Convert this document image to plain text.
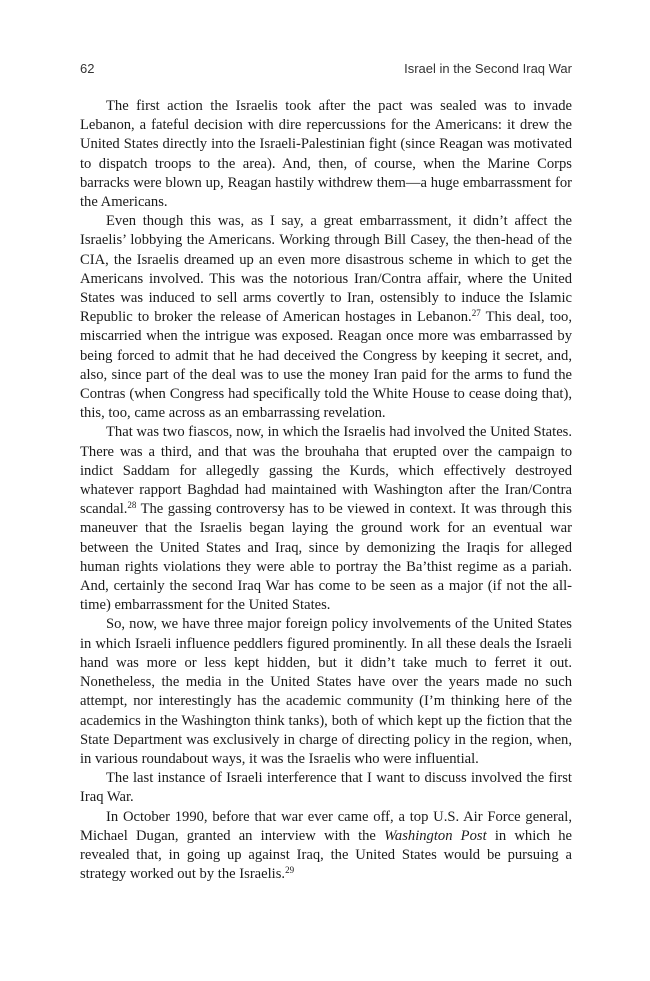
62	Israel in the Second Iraq War

The first action the Israelis took after the pact was sealed was to invade Lebanon, a fateful decision with dire repercussions for the Americans: it drew the United States directly into the Israeli-Palestinian fight (since Reagan was motivated to dispatch troops to the area). And, then, of course, when the Marine Corps barracks were blown up, Reagan hastily withdrew them—a huge embarrassment for the Americans.

Even though this was, as I say, a great embarrassment, it didn’t affect the Israelis’ lobbying the Americans. Working through Bill Casey, the then-head of the CIA, the Israelis dreamed up an even more disastrous scheme in which to get the Americans involved. This was the notorious Iran/Contra affair, where the United States was induced to sell arms covertly to Iran, ostensibly to induce the Islamic Republic to broker the release of American hostages in Lebanon.$^{27}$ This deal, too, miscarried when the intrigue was exposed. Reagan once more was embarrassed by being forced to admit that he had deceived the Congress by keeping it secret, and, also, since part of the deal was to use the money Iran paid for the arms to fund the Contras (when Congress had specifically told the White House to cease doing that), this, too, came across as an embarrassing revelation.

That was two fiascos, now, in which the Israelis had involved the United States. There was a third, and that was the brouhaha that erupted over the campaign to indict Saddam for allegedly gassing the Kurds, which effectively destroyed whatever rapport Baghdad had maintained with Washington after the Iran/Contra scandal.$^{28}$ The gassing controversy has to be viewed in context. It was through this maneuver that the Israelis began laying the ground work for an eventual war between the United States and Iraq, since by demonizing the Iraqis for alleged human rights violations they were able to portray the Ba’thist regime as a pariah. And, certainly the second Iraq War has come to be seen as a major (if not the all-time) embarrassment for the United States.

So, now, we have three major foreign policy involvements of the United States in which Israeli influence peddlers figured prominently. In all these deals the Israeli hand was more or less kept hidden, but it didn’t take much to ferret it out. Nonetheless, the media in the United States have over the years made no such attempt, nor interestingly has the academic community (I’m thinking here of the academics in the Washington think tanks), both of which kept up the fiction that the State Department was exclusively in charge of directing policy in the region, when, in various roundabout ways, it was the Israelis who were influential.

The last instance of Israeli interference that I want to discuss involved the first Iraq War.

In October 1990, before that war ever came off, a top U.S. Air Force general, Michael Dugan, granted an interview with the Washington Post in which he revealed that, in going up against Iraq, the United States would be pursuing a strategy worked out by the Israelis.$^{29}$
